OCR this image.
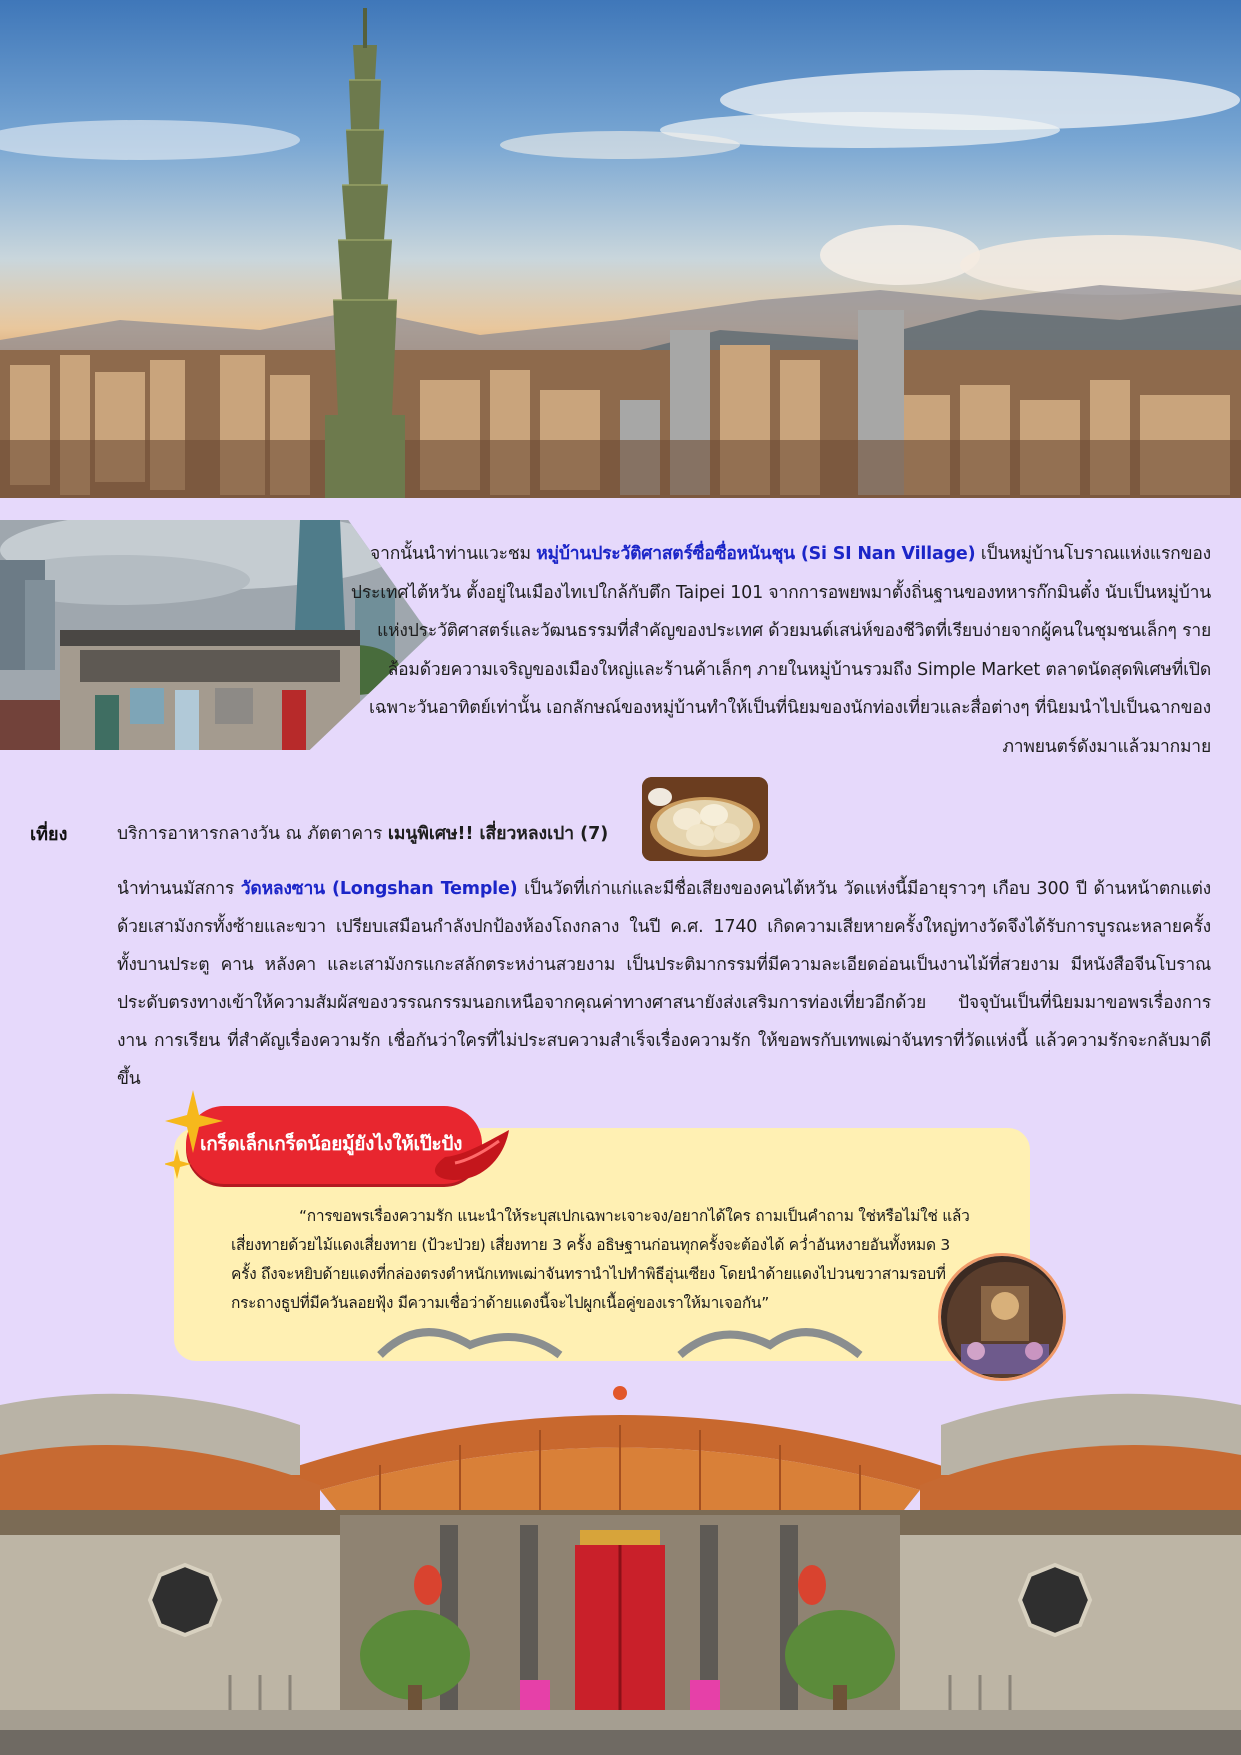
จากนั้นนำท่านแวะชม หมู่บ้านประวัติศาสตร์ซื่อซื่อหนันชุน (Si SI Nan Village) เป็นหมู่บ้านโบราณแห่งแรกของประเทศไต้หวัน ตั้งอยู่ในเมืองไทเปใกล้กับตึก Taipei 101 จากการอพยพมาตั้งถิ่นฐานของทหารก๊กมินตั๋ง นับเป็นหมู่บ้านแห่งประวัติศาสตร์และวัฒนธรรมที่สำคัญของประเทศ ด้วยมนต์เสน่ห์ของชีวิตที่เรียบง่ายจากผู้คนในชุมชนเล็กๆ รายล้อมด้วยความเจริญของเมืองใหญ่และร้านค้าเล็กๆ ภายในหมู่บ้านรวมถึง Simple Market ตลาดนัดสุดพิเศษที่เปิดเฉพาะวันอาทิตย์เท่านั้น เอกลักษณ์ของหมู่บ้านทำให้เป็นที่นิยมของนักท่องเที่ยวและสื่อต่างๆ ที่นิยมนำไปเป็นฉากของภาพยนตร์ดังมาแล้วมากมาย
เที่ยง	บริการอาหารกลางวัน ณ ภัตตาคาร เมนูพิเศษ!! เสี่ยวหลงเปา (7)
นำท่านนมัสการ วัดหลงซาน (Longshan Temple) เป็นวัดที่เก่าแก่และมีชื่อเสียงของคนไต้หวัน วัดแห่งนี้มีอายุราวๆ เกือบ 300 ปี ด้านหน้าตกแต่งด้วยเสามังกรทั้งซ้ายและขวา เปรียบเสมือนกำลังปกป้องห้องโถงกลาง ในปี ค.ศ. 1740 เกิดความเสียหายครั้งใหญ่ทางวัดจึงได้รับการบูรณะหลายครั้ง ทั้งบานประตู คาน หลังคา และเสามังกรแกะสลักตระหง่านสวยงาม เป็นประติมากรรมที่มีความละเอียดอ่อนเป็นงานไม้ที่สวยงาม มีหนังสือจีนโบราณประดับตรงทางเข้าให้ความสัมผัสของวรรณกรรมนอกเหนือจากคุณค่าทางศาสนายังส่งเสริมการท่องเที่ยวอีกด้วย ปัจจุบันเป็นที่นิยมมาขอพรเรื่องการงาน การเรียน ที่สำคัญเรื่องความรัก เชื่อกันว่าใครที่ไม่ประสบความสำเร็จเรื่องความรัก ให้ขอพรกับเทพเฒ่าจันทราที่วัดแห่งนี้ แล้วความรักจะกลับมาดีขึ้น
เกร็ดเล็กเกร็ดน้อยมู้ยังไงให้เป๊ะปัง
“การขอพรเรื่องความรัก แนะนำให้ระบุสเปกเฉพาะเจาะจง/อยากได้ใคร ถามเป็นคำถาม ใช่หรือไม่ใช่ แล้วเสี่ยงทายด้วยไม้แดงเสี่ยงทาย (ป้วะป่วย) เสี่ยงทาย 3 ครั้ง อธิษฐานก่อนทุกครั้งจะต้องได้ คว่ำอันหงายอันทั้งหมด 3 ครั้ง ถึงจะหยิบด้ายแดงที่กล่องตรงตำหนักเทพเฒ่าจันทรานำไปทำพิธีอุ่นเซียง โดยนำด้ายแดงไปวนขวาสามรอบที่กระถางธูปที่มีควันลอยฟุ้ง มีความเชื่อว่าด้ายแดงนี้จะไปผูกเนื้อคู่ของเราให้มาเจอกัน”
